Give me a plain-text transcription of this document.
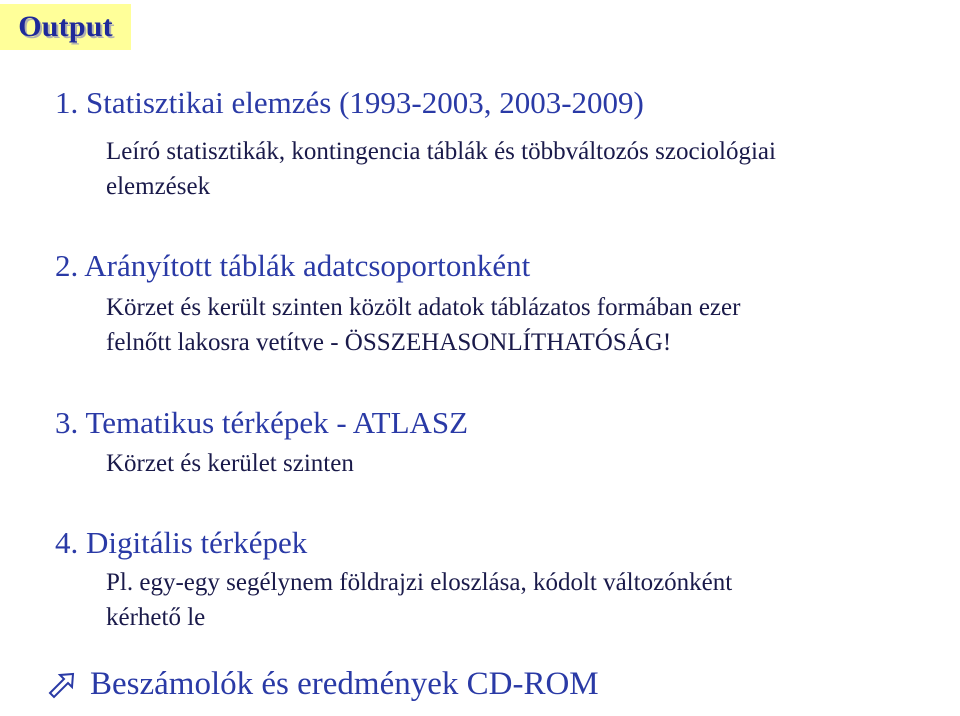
Output
1. Statisztikai elemzés (1993-2003, 2003-2009)
Leíró statisztikák, kontingencia táblák és többváltozós szociológiai
elemzések
2. Arányított táblák adatcsoportonként
Körzet és került szinten közölt adatok táblázatos formában ezer
felnőtt lakosra vetítve - ÖSSZEHASONLÍTHATÓSÁG!
3. Tematikus térképek - ATLASZ
Körzet és kerület szinten
4. Digitális térképek
Pl. egy-egy segélynem földrajzi eloszlása, kódolt változónként
kérhető le
Beszámolók és eredmények CD-ROM
